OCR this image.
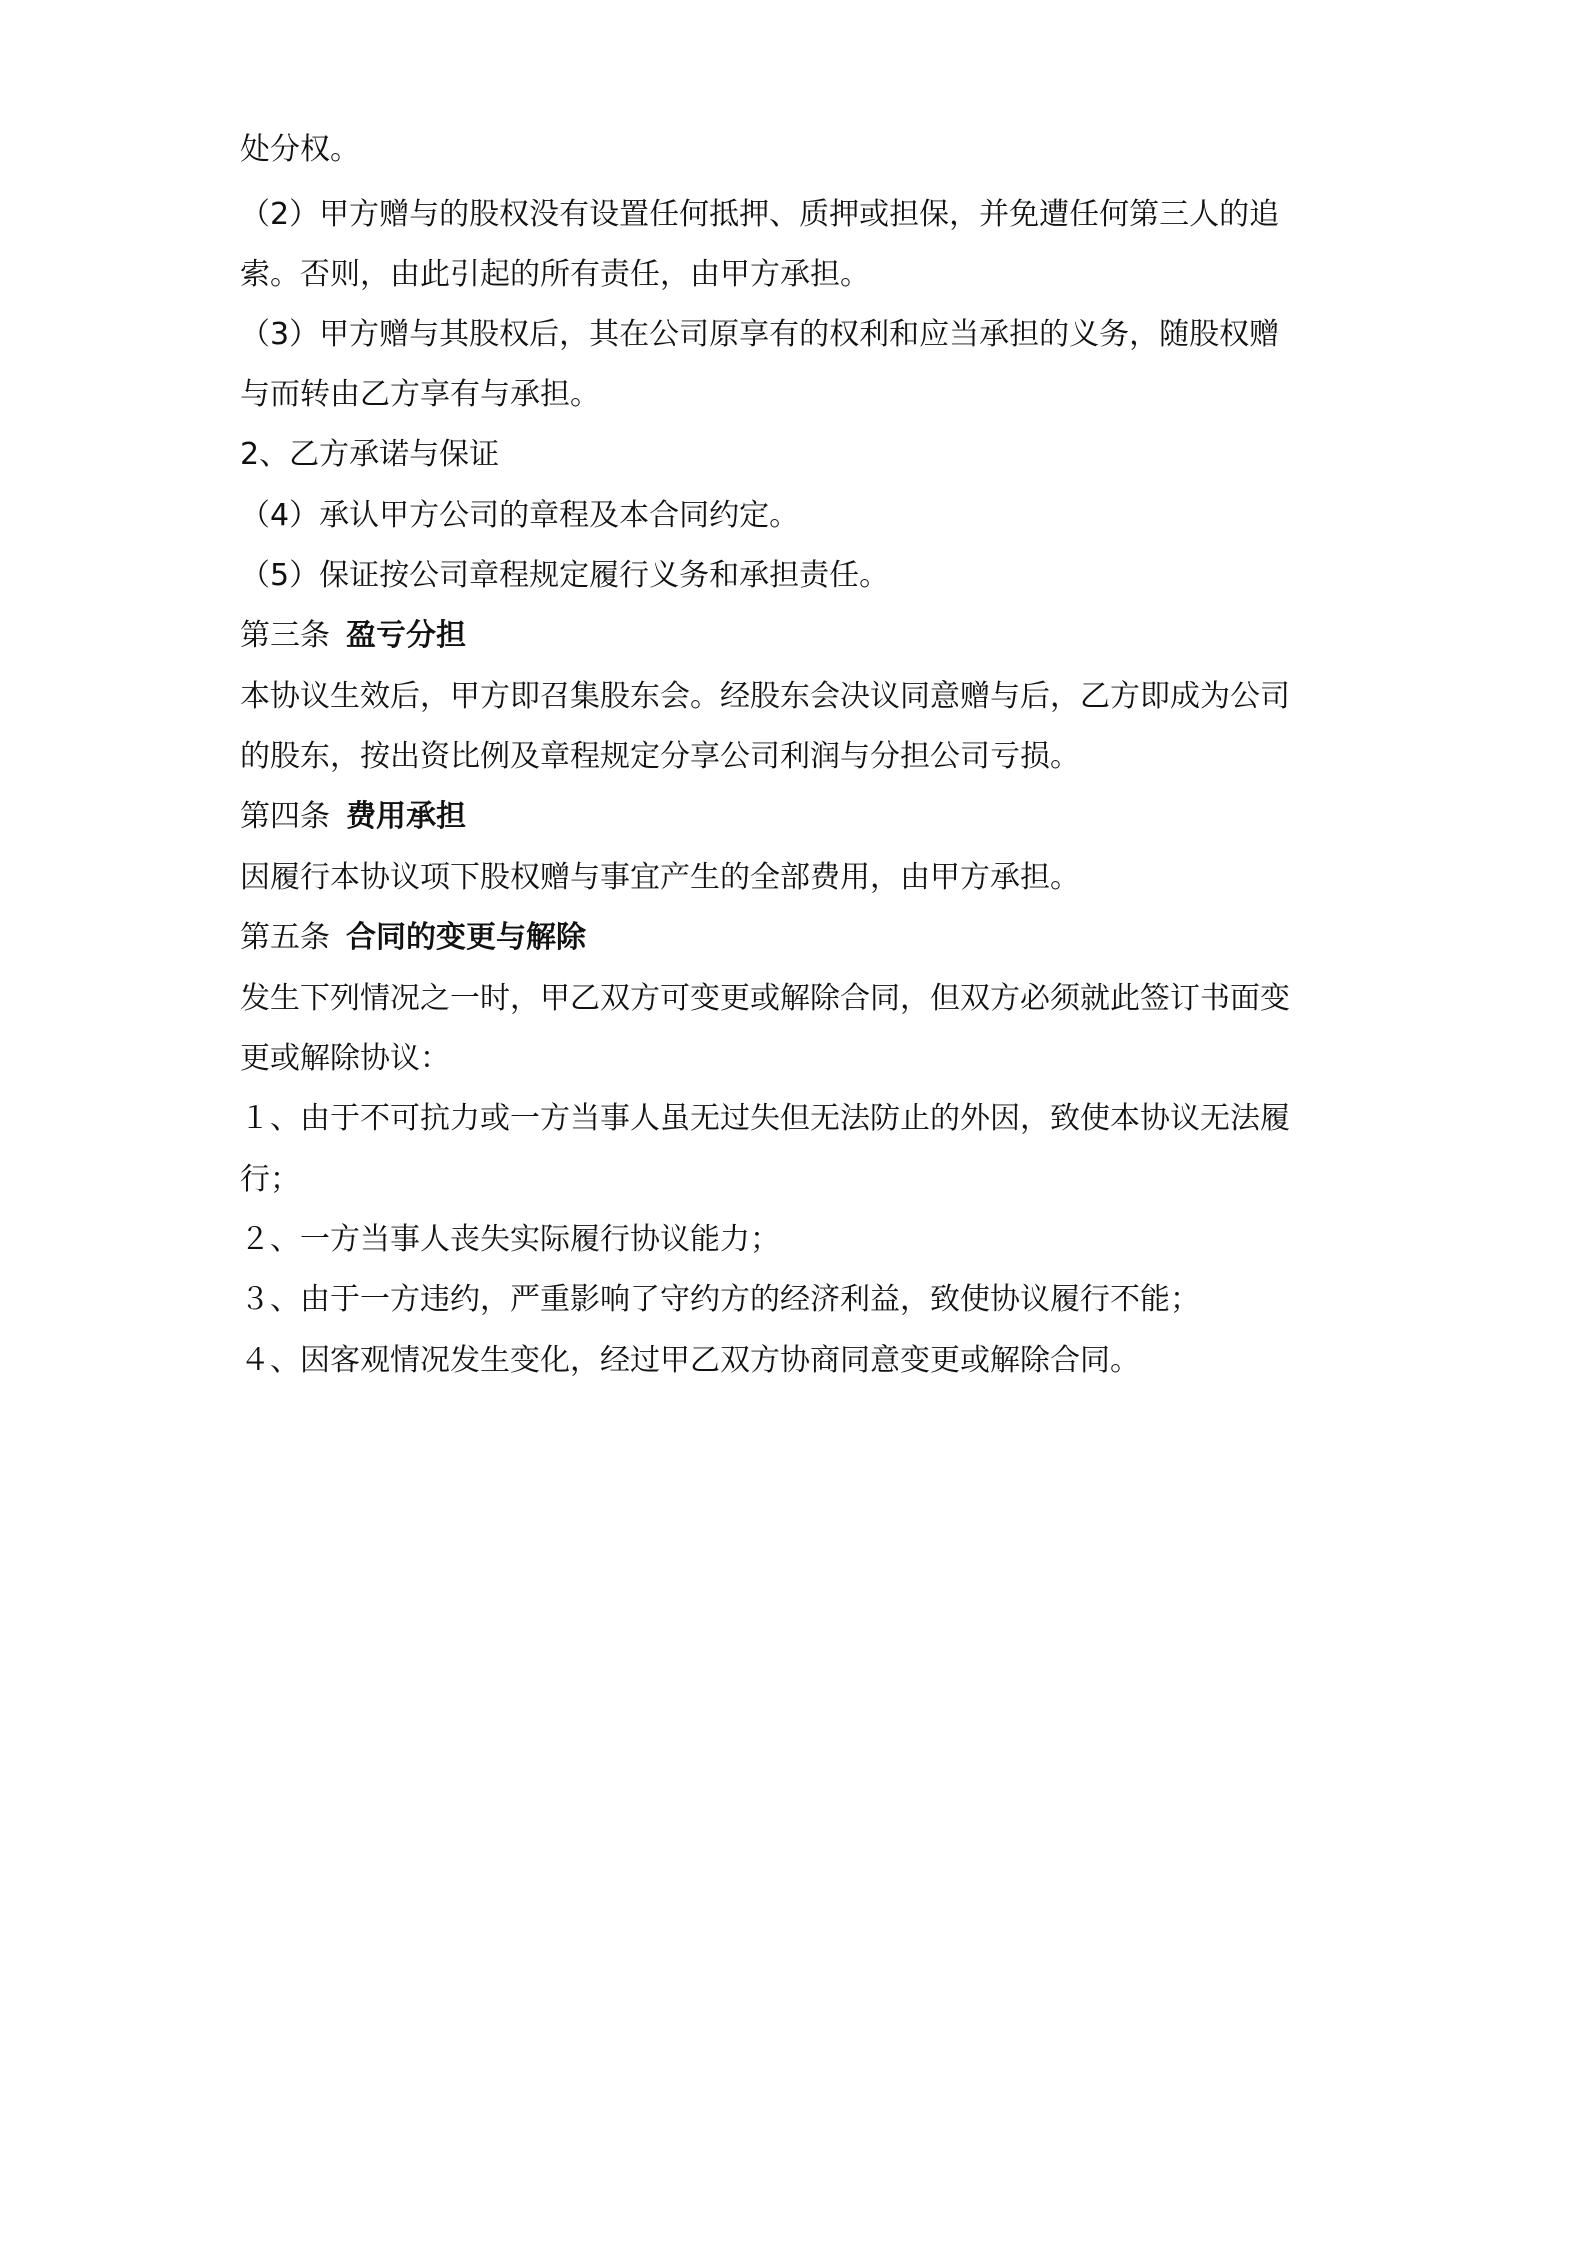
处分权。
（2）甲方赠与的股权没有设置任何抵押、质押或担保，并免遭任何第三人的追
索。否则，由此引起的所有责任，由甲方承担。
（3）甲方赠与其股权后，其在公司原享有的权利和应当承担的义务，随股权赠
与而转由乙方享有与承担。
2、乙方承诺与保证
（4）承认甲方公司的章程及本合同约定。
（5）保证按公司章程规定履行义务和承担责任。
第三条 盈亏分担
本协议生效后，甲方即召集股东会。经股东会决议同意赠与后，乙方即成为公司
的股东，按出资比例及章程规定分享公司利润与分担公司亏损。
第四条 费用承担
因履行本协议项下股权赠与事宜产生的全部费用，由甲方承担。
第五条 合同的变更与解除
发生下列情况之一时，甲乙双方可变更或解除合同，但双方必须就此签订书面变
更或解除协议：
１、由于不可抗力或一方当事人虽无过失但无法防止的外因，致使本协议无法履
行；
２、一方当事人丧失实际履行协议能力；
３、由于一方违约，严重影响了守约方的经济利益，致使协议履行不能；
４、因客观情况发生变化，经过甲乙双方协商同意变更或解除合同。
